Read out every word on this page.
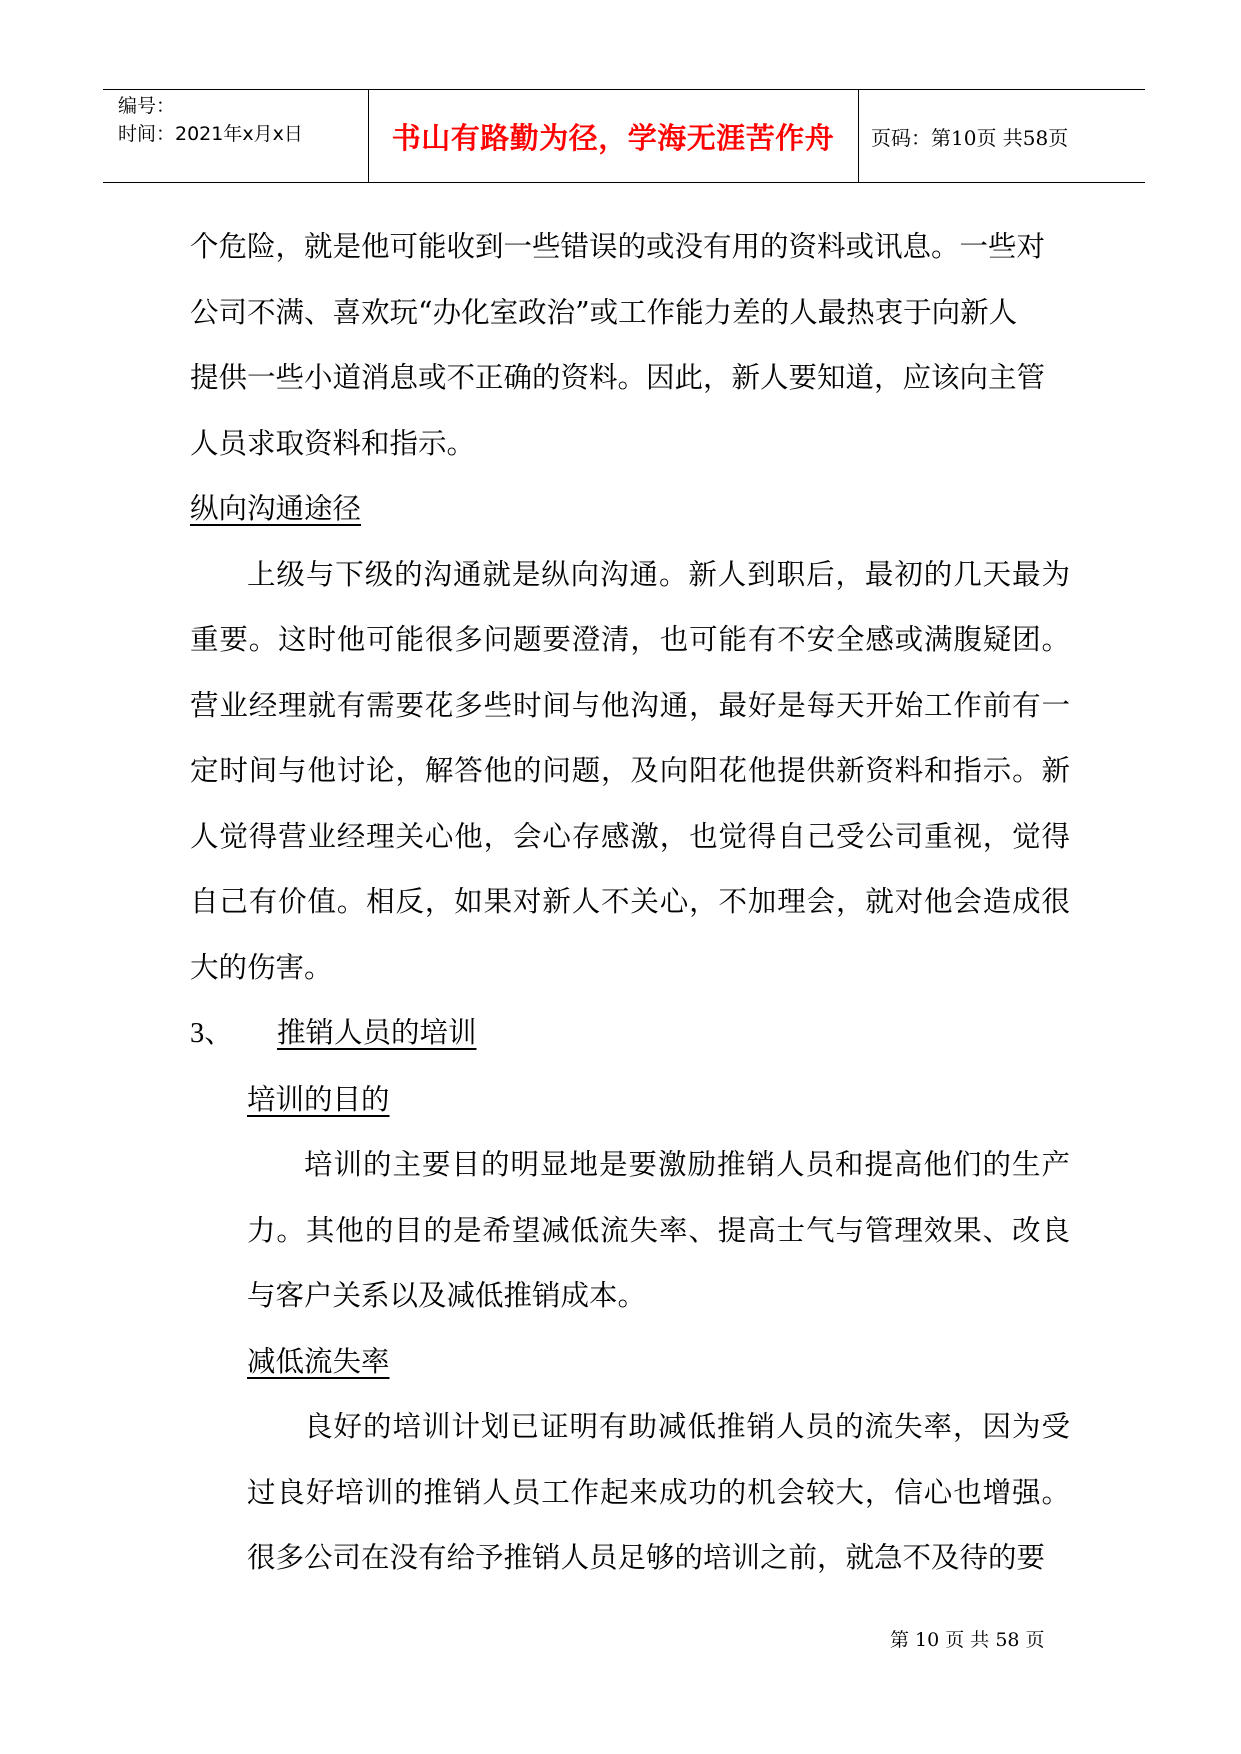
编号：
时间：2021年x月x日	书山有路勤为径，学海无涯苦作舟	页码：第10页 共58页
个危险，就是他可能收到一些错误的或没有用的资料或讯息。一些对
公司不满、喜欢玩“办化室政治”或工作能力差的人最热衷于向新人
提供一些小道消息或不正确的资料。因此，新人要知道，应该向主管
人员求取资料和指示。
纵向沟通途径

上级与下级的沟通就是纵向沟通。新人到职后，最初的几天最为重要。这时他可能很多问题要澄清，也可能有不安全感或满腹疑团。营业经理就有需要花多些时间与他沟通，最好是每天开始工作前有一定时间与他讨论，解答他的问题，及向阳花他提供新资料和指示。新人觉得营业经理关心他，会心存感激，也觉得自己受公司重视，觉得自己有价值。相反，如果对新人不关心，不加理会，就对他会造成很大的伤害。

3、	推销人员的培训
培训的目的

培训的主要目的明显地是要激励推销人员和提高他们的生产力。其他的目的是希望减低流失率、提高士气与管理效果、改良与客户关系以及减低推销成本。

减低流失率

良好的培训计划已证明有助减低推销人员的流失率，因为受过良好培训的推销人员工作起来成功的机会较大，信心也增强。很多公司在没有给予推销人员足够的培训之前，就急不及待的要

第 10 页 共 58 页
